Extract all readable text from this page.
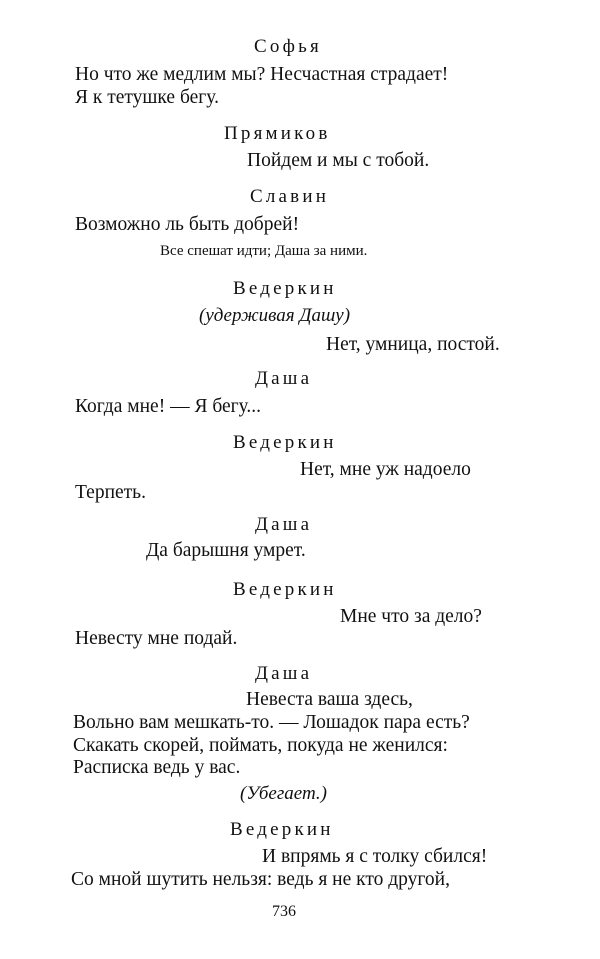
Софья
Но что же медлим мы? Несчастная страдает!
Я к тетушке бегу.
Прямиков
Пойдем и мы с тобой.
Славин
Возможно ль быть добрей!
Все спешат идти; Даша за ними.
Ведеркин
(удерживая Дашу)
Нет, умница, постой.
Даша
Когда мне! — Я бегу...
Ведеркин
Нет, мне уж надоело
Терпеть.
Даша
Да барышня умрет.
Ведеркин
Мне что за дело?
Невесту мне подай.
Даша
Невеста ваша здесь,
Вольно вам мешкать-то. — Лошадок пара есть?
Скакать скорей, поймать, покуда не женился:
Расписка ведь у вас.
(Убегает.)
Ведеркин
И впрямь я с толку сбился!
Со мной шутить нельзя: ведь я не кто другой,
736
